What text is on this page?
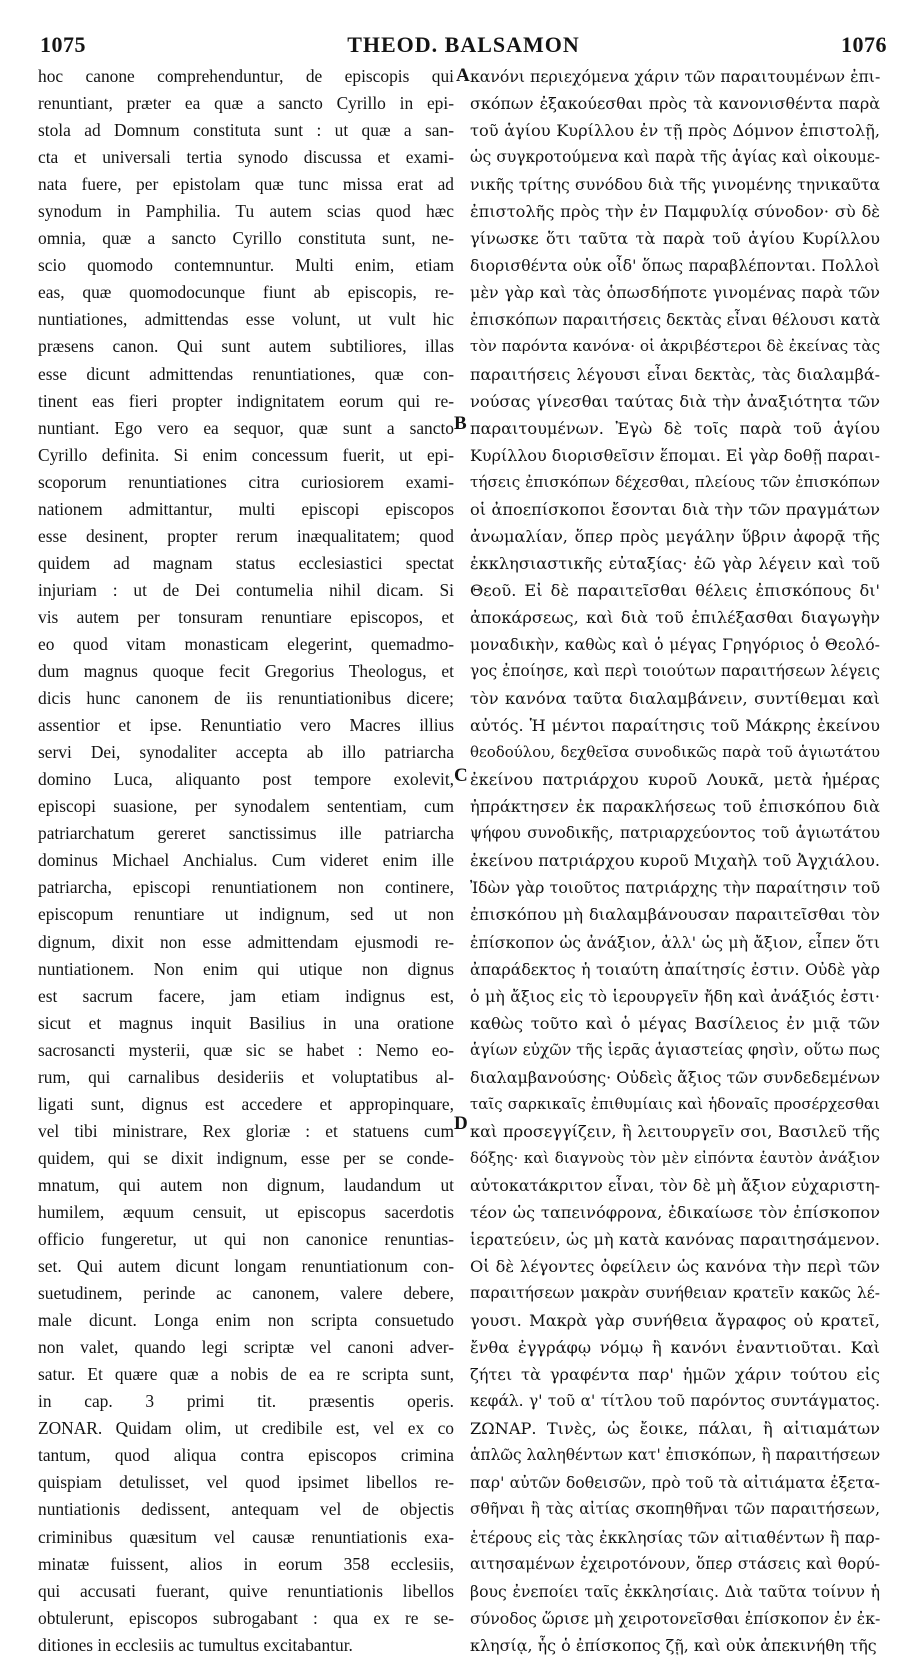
1075	THEOD. BALSAMON	1076
hoc canone comprehenduntur, de episcopis qui
renuntiant, præter ea quæ a sancto Cyrillo in epi-
stola ad Domnum constituta sunt : ut quæ a san-
cta et universali tertia synodo discussa et exami-
nata fuere, per epistolam quæ tunc missa erat ad
synodum in Pamphilia. Tu autem scias quod hæc
omnia, quæ a sancto Cyrillo constituta sunt, ne-
scio quomodo contemnuntur. Multi enim, etiam
eas, quæ quomodocunque fiunt ab episcopis, re-
nuntiationes, admittendas esse volunt, ut vult hic
præsens canon. Qui sunt autem subtiliores, illas
esse dicunt admittendas renuntiationes, quæ con-
tinent eas fieri propter indignitatem eorum qui re-
nuntiant. Ego vero ea sequor, quæ sunt a sancto
Cyrillo definita. Si enim concessum fuerit, ut epi-
scoporum renuntiationes citra curiosiorem exami-
nationem admittantur, multi episcopi episcopos
esse desinent, propter rerum inæqualitatem; quod
quidem ad magnam status ecclesiastici spectat
injuriam : ut de Dei contumelia nihil dicam. Si
vis autem per tonsuram renuntiare episcopos, et
eo quod vitam monasticam elegerint, quemadmo-
dum magnus quoque fecit Gregorius Theologus, et
dicis hunc canonem de iis renuntiationibus dicere;
assentior et ipse. Renuntiatio vero Macres illius
servi Dei, synodaliter accepta ab illo patriarcha
domino Luca, aliquanto post tempore exolevit,
episcopi suasione, per synodalem sententiam, cum
patriarchatum gereret sanctissimus ille patriarcha
dominus Michael Anchialus. Cum videret enim ille
patriarcha, episcopi renuntiationem non continere,
episcopum renuntiare ut indignum, sed ut non
dignum, dixit non esse admittendam ejusmodi re-
nuntiationem. Non enim qui utique non dignus
est sacrum facere, jam etiam indignus est,
sicut et magnus inquit Basilius in una oratione
sacrosancti mysterii, quæ sic se habet : Nemo eo-
rum, qui carnalibus desideriis et voluptatibus al-
ligati sunt, dignus est accedere et appropinquare,
vel tibi ministrare, Rex gloriæ : et statuens cum
quidem, qui se dixit indignum, esse per se conde-
mnatum, qui autem non dignum, laudandum ut
humilem, æquum censuit, ut episcopus sacerdotis
officio fungeretur, ut qui non canonice renuntias-
set. Qui autem dicunt longam renuntiationum con-
suetudinem, perinde ac canonem, valere debere,
male dicunt. Longa enim non scripta consuetudo
non valet, quando legi scriptæ vel canoni adver-
satur. Et quære quæ a nobis de ea re scripta sunt,
in cap. 3 primi tit. præsentis operis.
ZONAR. Quidam olim, ut credibile est, vel ex co
tantum, quod aliqua contra episcopos crimina
quispiam detulisset, vel quod ipsimet libellos re-
nuntiationis dedissent, antequam vel de objectis
criminibus quæsitum vel causæ renuntiationis exa-
minatæ fuissent, alios in eorum 358 ecclesiis,
qui accusati fuerant, quive renuntiationis libellos
obtulerunt, episcopos subrogabant : qua ex re se-
ditiones in ecclesiis ac tumultus excitabantur.
κανόνι περιεχόμενα χάριν τῶν παραιτουμένων ἐπι-
σκόπων ἐξακούεσθαι πρὸς τὰ κανονισθέντα παρὰ
τοῦ ἁγίου Κυρίλλου ἐν τῇ πρὸς Δόμνον ἐπιστολῇ,
ὡς συγκροτούμενα καὶ παρὰ τῆς ἁγίας καὶ οἰκουμε-
νικῆς τρίτης συνόδου διὰ τῆς γινομένης τηνικαῦτα
ἐπιστολῆς πρὸς τὴν ἐν Παμφυλίᾳ σύνοδον· σὺ δὲ
γίνωσκε ὅτι ταῦτα τὰ παρὰ τοῦ ἁγίου Κυρίλλου
διορισθέντα οὐκ οἶδ' ὅπως παραβλέπονται. Πολλοὶ
μὲν γὰρ καὶ τὰς ὁπωσδήποτε γινομένας παρὰ τῶν
ἐπισκόπων παραιτήσεις δεκτὰς εἶναι θέλουσι κατὰ
τὸν παρόντα κανόνα· οἱ ἀκριβέστεροι δὲ ἐκείνας τὰς
παραιτήσεις λέγουσι εἶναι δεκτὰς, τὰς διαλαμβά-
νούσας γίνεσθαι ταύτας διὰ τὴν ἀναξιότητα τῶν
παραιτουμένων. Ἐγὼ δὲ τοῖς παρὰ τοῦ ἁγίου
Κυρίλλου διορισθεῖσιν ἕπομαι. Εἰ γὰρ δοθῇ παραι-
τήσεις ἐπισκόπων δέχεσθαι, πλείους τῶν ἐπισκόπων
οἱ ἀποεπίσκοποι ἔσονται διὰ τὴν τῶν πραγμάτων
ἀνωμαλίαν, ὅπερ πρὸς μεγάλην ὕβριν ἀφορᾷ τῆς
ἐκκλησιαστικῆς εὐταξίας· ἐῶ γὰρ λέγειν καὶ τοῦ
Θεοῦ. Εἰ δὲ παραιτεῖσθαι θέλεις ἐπισκόπους δι'
ἀποκάρσεως, καὶ διὰ τοῦ ἐπιλέξασθαι διαγωγὴν
μοναδικὴν, καθὼς καὶ ὁ μέγας Γρηγόριος ὁ Θεολό-
γος ἐποίησε, καὶ περὶ τοιούτων παραιτήσεων λέγεις
τὸν κανόνα ταῦτα διαλαμβάνειν, συντίθεμαι καὶ
αὐτός. Ἡ μέντοι παραίτησις τοῦ Μάκρης ἐκείνου
θεοδούλου, δεχθεῖσα συνοδικῶς παρὰ τοῦ ἁγιωτάτου
ἐκείνου πατριάρχου κυροῦ Λουκᾶ, μετὰ ἡμέρας
ἠπράκτησεν ἐκ παρακλήσεως τοῦ ἐπισκόπου διὰ
ψήφου συνοδικῆς, πατριαρχεύοντος τοῦ ἁγιωτάτου
ἐκείνου πατριάρχου κυροῦ Μιχαὴλ τοῦ Ἀγχιάλου.
Ἰδὼν γὰρ τοιοῦτος πατριάρχης τὴν παραίτησιν τοῦ
ἐπισκόπου μὴ διαλαμβάνουσαν παραιτεῖσθαι τὸν
ἐπίσκοπον ὡς ἀνάξιον, ἀλλ' ὡς μὴ ἄξιον, εἶπεν ὅτι
ἀπαράδεκτος ἡ τοιαύτη ἀπαίτησίς ἐστιν. Οὐδὲ γὰρ
ὁ μὴ ἄξιος εἰς τὸ ἱερουργεῖν ἤδη καὶ ἀνάξιός ἐστι·
καθὼς τοῦτο καὶ ὁ μέγας Βασίλειος ἐν μιᾷ τῶν
ἁγίων εὐχῶν τῆς ἱερᾶς ἁγιαστείας φησὶν, οὕτω πως
διαλαμβανούσης· Οὐδεὶς ἄξιος τῶν συνδεδεμένων
ταῖς σαρκικαῖς ἐπιθυμίαις καὶ ἡδοναῖς προσέρχεσθαι
καὶ προσεγγίζειν, ἢ λειτουργεῖν σοι, Βασιλεῦ τῆς
δόξης· καὶ διαγνοὺς τὸν μὲν εἰπόντα ἑαυτὸν ἀνάξιον
αὐτοκατάκριτον εἶναι, τὸν δὲ μὴ ἄξιον εὐχαριστη-
τέον ὡς ταπεινόφρονα, ἐδικαίωσε τὸν ἐπίσκοπον
ἱερατεύειν, ὡς μὴ κατὰ κανόνας παραιτησάμενον.
Οἱ δὲ λέγοντες ὀφείλειν ὡς κανόνα τὴν περὶ τῶν
παραιτήσεων μακρὰν συνήθειαν κρατεῖν κακῶς λέ-
γουσι. Μακρὰ γὰρ συνήθεια ἄγραφος οὐ κρατεῖ,
ἔνθα ἐγγράφῳ νόμῳ ἢ κανόνι ἐναντιοῦται. Καὶ
ζήτει τὰ γραφέντα παρ' ἡμῶν χάριν τούτου εἰς
κεφάλ. γ' τοῦ α' τίτλου τοῦ παρόντος συντάγματος.
ΖΩΝΑΡ. Τινὲς, ὡς ἔοικε, πάλαι, ἢ αἰτιαμάτων
ἁπλῶς λαληθέντων κατ' ἐπισκόπων, ἢ παραιτήσεων
παρ' αὐτῶν δοθεισῶν, πρὸ τοῦ τὰ αἰτιάματα ἐξετα-
σθῆναι ἢ τὰς αἰτίας σκοπηθῆναι τῶν παραιτήσεων,
ἑτέρους εἰς τὰς ἐκκλησίας τῶν αἰτιαθέντων ἢ παρ-
αιτησαμένων ἐχειροτόνουν, ὅπερ στάσεις καὶ θορύ-
βους ἐνεποίει ταῖς ἐκκλησίαις. Διὰ ταῦτα τοίνυν ἡ
σύνοδος ὥρισε μὴ χειροτονεῖσθαι ἐπίσκοπον ἐν ἐκ-
κλησίᾳ, ἧς ὁ ἐπίσκοπος ζῇ, καὶ οὐκ ἀπεκινήθη τῆς
A
B
C
D
